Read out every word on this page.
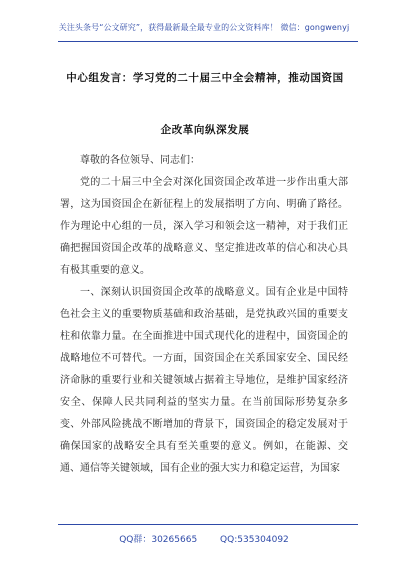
关注头条号“公文研究”，获得最新最全最专业的公文资料库！ 微信：gongwenyj
中心组发言：学习党的二十届三中全会精神，推动国资国
企改革向纵深发展

尊敬的各位领导、同志们：

党的二十届三中全会对深化国资国企改革进一步作出重大部署，这为国资国企在新征程上的发展指明了方向、明确了路径。作为理论中心组的一员，深入学习和领会这一精神，对于我们正确把握国资国企改革的战略意义、坚定推进改革的信心和决心具有极其重要的意义。

一、深刻认识国资国企改革的战略意义。国有企业是中国特色社会主义的重要物质基础和政治基础，是党执政兴国的重要支柱和依靠力量。在全面推进中国式现代化的进程中，国资国企的战略地位不可替代。一方面，国资国企在关系国家安全、国民经济命脉的重要行业和关键领域占据着主导地位，是维护国家经济安全、保障人民共同利益的坚实力量。在当前国际形势复杂多变、外部风险挑战不断增加的背景下，国资国企的稳定发展对于确保国家的战略安全具有至关重要的意义。例如，在能源、交通、通信等关键领域，国有企业的强大实力和稳定运营，为国家

QQ群：30265665	QQ:535304092
